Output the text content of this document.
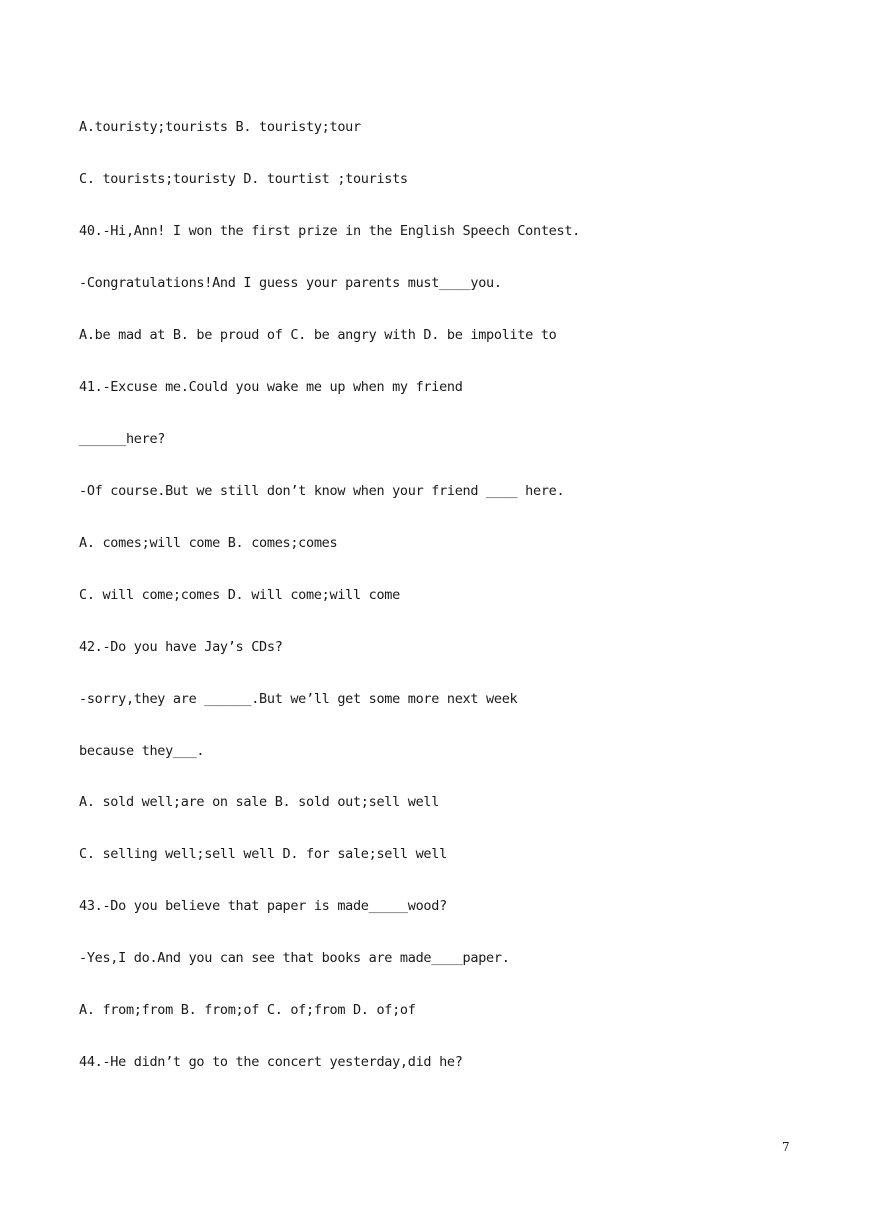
A.touristy;tourists B. touristy;tour
C. tourists;touristy D. tourtist ;tourists
40.-Hi,Ann! I won the first prize in the English Speech Contest.
-Congratulations!And I guess your parents must____you.
A.be mad at B. be proud of C. be angry with D. be impolite to
41.-Excuse me.Could you wake me up when my friend
______here?
-Of course.But we still don’t know when your friend ____ here.
A. comes;will come B. comes;comes
C. will come;comes D. will come;will come
42.-Do you have Jay’s CDs?
-sorry,they are ______.But we’ll get some more next week
because they___.
A. sold well;are on sale B. sold out;sell well
C. selling well;sell well D. for sale;sell well
43.-Do you believe that paper is made_____wood?
-Yes,I do.And you can see that books are made____paper.
A. from;from B. from;of C. of;from D. of;of
44.-He didn’t go to the concert yesterday,did he?
7
